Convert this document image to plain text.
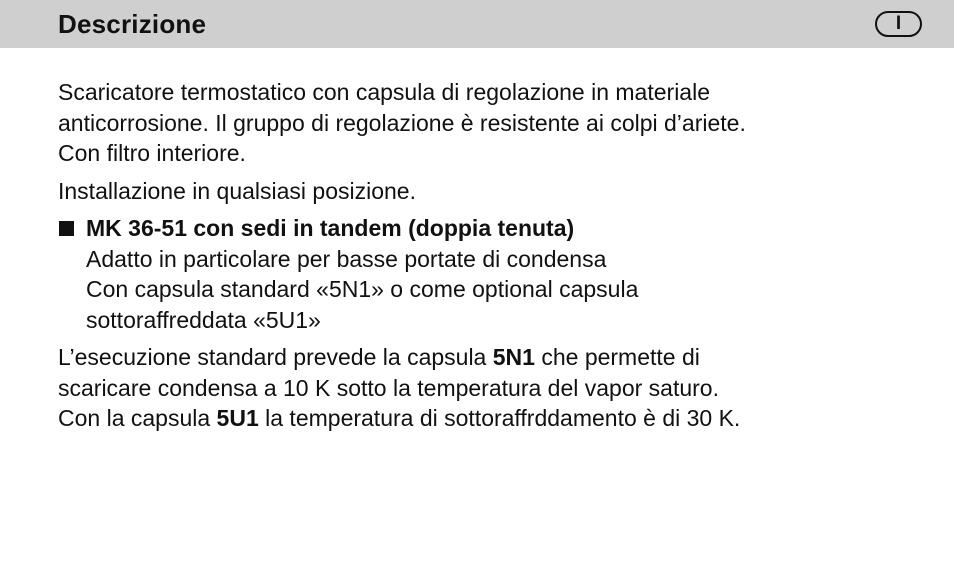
Descrizione	I

Scaricatore termostatico con capsula di regolazione in materiale
anticorrosione. Il gruppo di regolazione è resistente ai colpi d’ariete.
Con filtro interiore.

Installazione in qualsiasi posizione.

MK 36-51 con sedi in tandem (doppia tenuta)
Adatto in particolare per basse portate di condensa
Con capsula standard «5N1» o come optional capsula
sottoraffreddata «5U1»

L’esecuzione standard prevede la capsula 5N1 che permette di
scaricare condensa a 10 K sotto la temperatura del vapor saturo.
Con la capsula 5U1 la temperatura di sottoraffrddamento è di 30 K.
